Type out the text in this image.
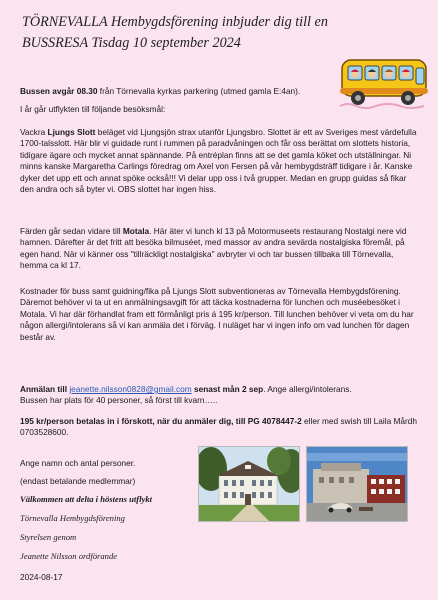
TÖRNEVALLA Hembygdsförening inbjuder dig till en
BUSSRESA Tisdag 10 september 2024
Bussen avgår 08.30 från Törnevalla kyrkas parkering (utmed gamla E:4an).
I år går utflykten till följande besöksmål:
Vackra Ljungs Slott beläget vid Ljungsjön strax utanför Ljungsbro. Slottet är ett av Sveriges mest värdefulla 1700-talsslott. Här blir vi guidade runt i rummen på paradvåningen och får oss berättat om slottets historia, tidigare ägare och mycket annat spännande. På entréplan finns att se det gamla köket och utställningar. Ni minns kanske Margaretha Carlings föredrag om Axel von Fersen på vår hembygdsträff tidigare i år. Kanske dyker det upp ett och annat spöke också!!! Vi delar upp oss i två grupper. Medan en grupp guidas så fikar den andra och så byter vi. OBS slottet har ingen hiss.
Färden går sedan vidare till Motala. Här äter vi lunch kl 13 på Motormuseets restaurang Nostalgi nere vid hamnen. Därefter är det fritt att besöka bilmuséet, med massor av andra sevärda nostalgiska föremål, på egen hand. När vi känner oss "tillräckligt nostalgiska" avbryter vi och tar bussen tillbaka till Törnevalla, hemma ca kl 17.
Kostnader för buss samt guidning/fika på Ljungs Slott subventioneras av Törnevalla Hembygdsförening. Däremot behöver vi ta ut en anmälningsavgift för att täcka kostnaderna för lunchen och muséebesöket i Motala. Vi har där förhandlat fram ett förmånligt pris á 195 kr/person. Till lunchen behöver vi veta om du har någon allergi/intolerans så vi kan anmäla det i förväg. I nuläget har vi ingen info om vad lunchen för dagen består av.
Anmälan till jeanette.nilsson0828@gmail.com senast mån 2 sep. Ange allergi/intolerans.
Bussen har plats för 40 personer, så först till kvarn…..
195 kr/person betalas in i förskott, när du anmäler dig, till PG 4078447-2 eller med swish till Laila Mårdh 0703528600.
Ange namn och antal personer.
(endast betalande medlemmar)
Välkommen att delta i höstens utflykt
Törnevalla Hembygdsförening
Styrelsen genom
Jeanette Nilsson ordförande
2024-08-17
